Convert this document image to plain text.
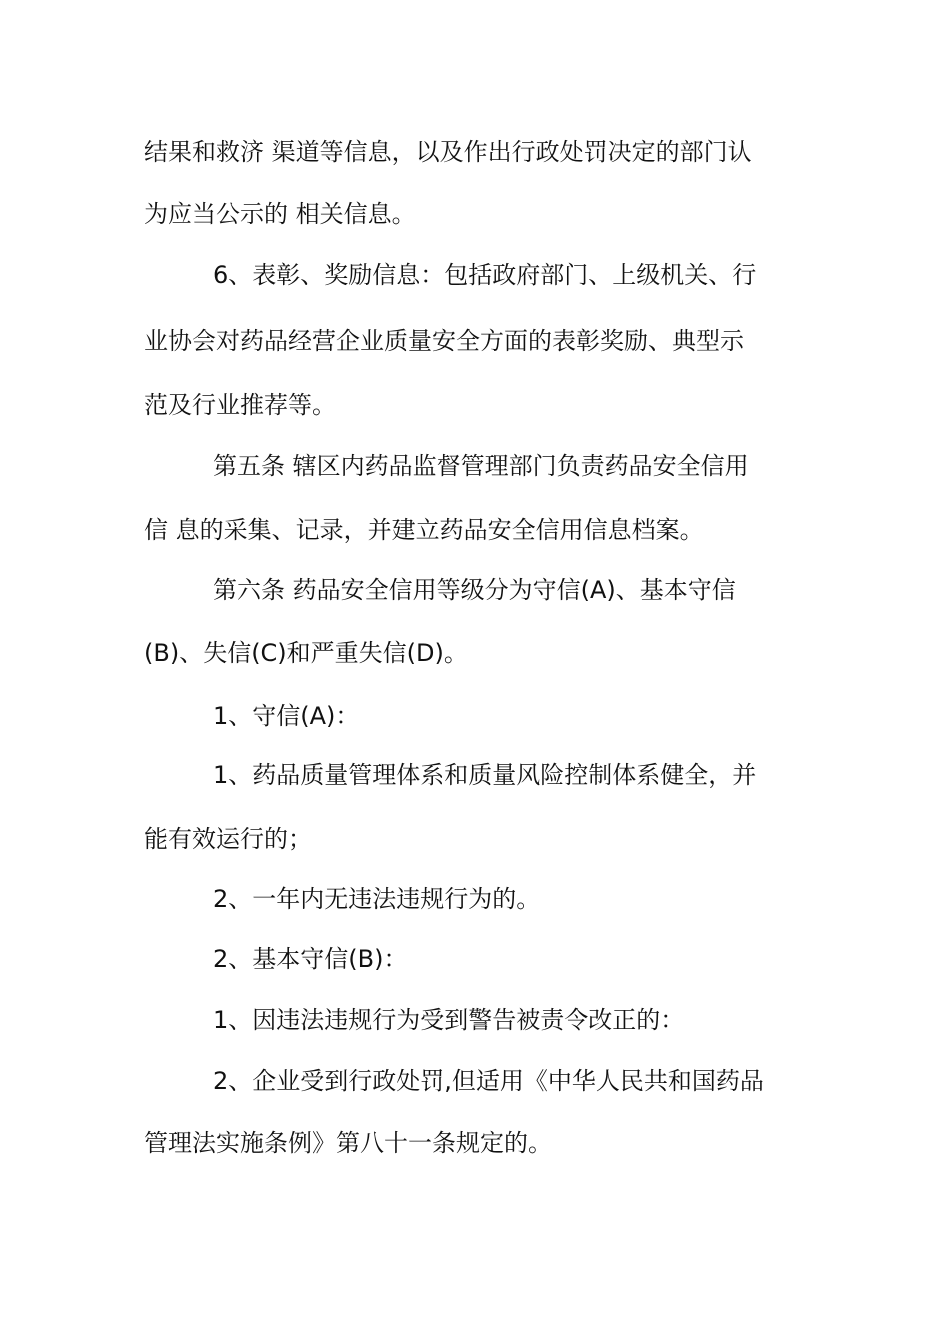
结果和救济 渠道等信息，以及作出行政处罚决定的部门认
为应当公示的 相关信息。
6、表彰、奖励信息：包括政府部门、上级机关、行
业协会对药品经营企业质量安全方面的表彰奖励、典型示
范及行业推荐等。
第五条 辖区内药品监督管理部门负责药品安全信用
信 息的采集、记录，并建立药品安全信用信息档案。
第六条 药品安全信用等级分为守信(A)、基本守信
(B)、失信(C)和严重失信(D)。
1、守信(A)：
1、药品质量管理体系和质量风险控制体系健全，并
能有效运行的；
2、一年内无违法违规行为的。
2、基本守信(B)：
1、因违法违规行为受到警告被责令改正的：
2、企业受到行政处罚,但适用《中华人民共和国药品
管理法实施条例》第八十一条规定的。
